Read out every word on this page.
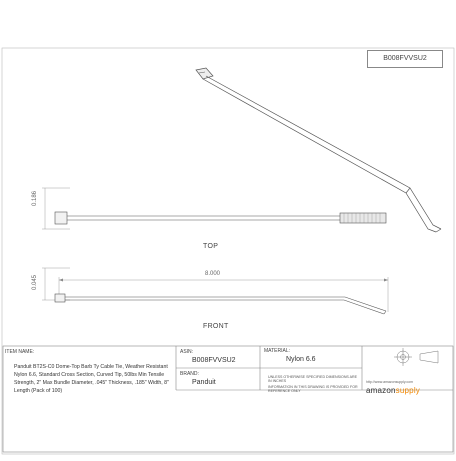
B008FVVSU2
0.186
0.045
8.000
TOP
FRONT
ITEM NAME:	ASIN:
B008FVVSU2
MATERIAL:
Nylon 6.6
BRAND:
Panduit
Panduit BT2S-C0 Dome-Top Barb Ty Cable Tie, Weather Resistant Nylon 6.6, Standard Cross Section, Curved Tip, 50lbs Min Tensile Strength, 2" Max Bundle Diameter, .045" Thickness, .185" Width, 8" Length (Pack of 100)
UNLESS OTHERWISE SPECIFIED DIMENSIONS ARE IN INCHES
INFORMATION IN THIS DRAWING IS PROVIDED FOR REFERENCE ONLY
http://www.amazonsupply.com
amazonsupply
